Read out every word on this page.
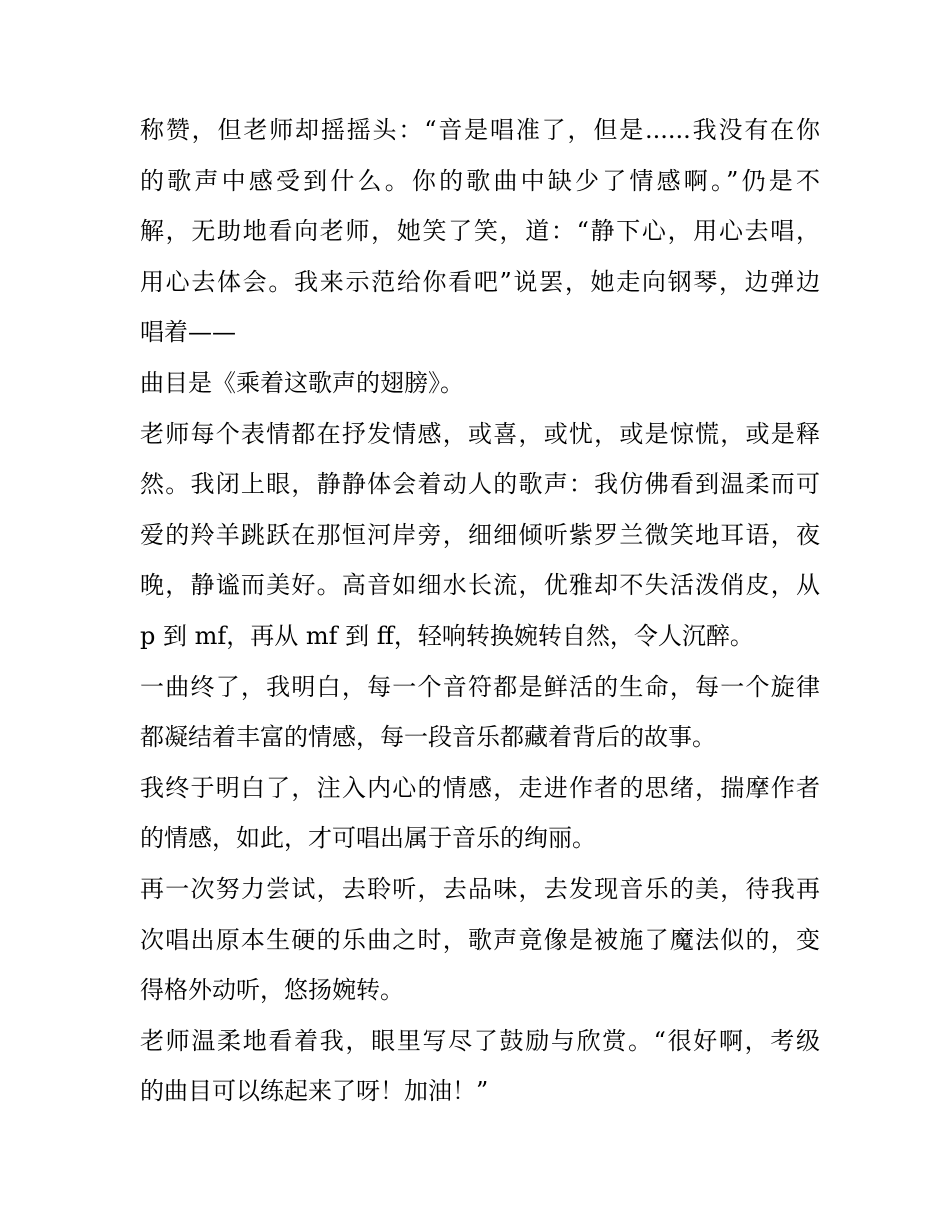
称赞，但老师却摇摇头：“音是唱准了，但是......我没有在你
的歌声中感受到什么。你的歌曲中缺少了情感啊。”仍是不
解，无助地看向老师，她笑了笑，道：“静下心，用心去唱，
用心去体会。我来示范给你看吧”说罢，她走向钢琴，边弹边
唱着——
曲目是《乘着这歌声的翅膀》。
老师每个表情都在抒发情感，或喜，或忧，或是惊慌，或是释
然。我闭上眼，静静体会着动人的歌声：我仿佛看到温柔而可
爱的羚羊跳跃在那恒河岸旁，细细倾听紫罗兰微笑地耳语，夜
晚，静谧而美好。高音如细水长流，优雅却不失活泼俏皮，从
p 到 mf，再从 mf 到 ff，轻响转换婉转自然，令人沉醉。
一曲终了，我明白，每一个音符都是鲜活的生命，每一个旋律
都凝结着丰富的情感，每一段音乐都藏着背后的故事。
我终于明白了，注入内心的情感，走进作者的思绪，揣摩作者
的情感，如此，才可唱出属于音乐的绚丽。
再一次努力尝试，去聆听，去品味，去发现音乐的美，待我再
次唱出原本生硬的乐曲之时，歌声竟像是被施了魔法似的，变
得格外动听，悠扬婉转。
老师温柔地看着我，眼里写尽了鼓励与欣赏。“很好啊，考级
的曲目可以练起来了呀！加油！”
